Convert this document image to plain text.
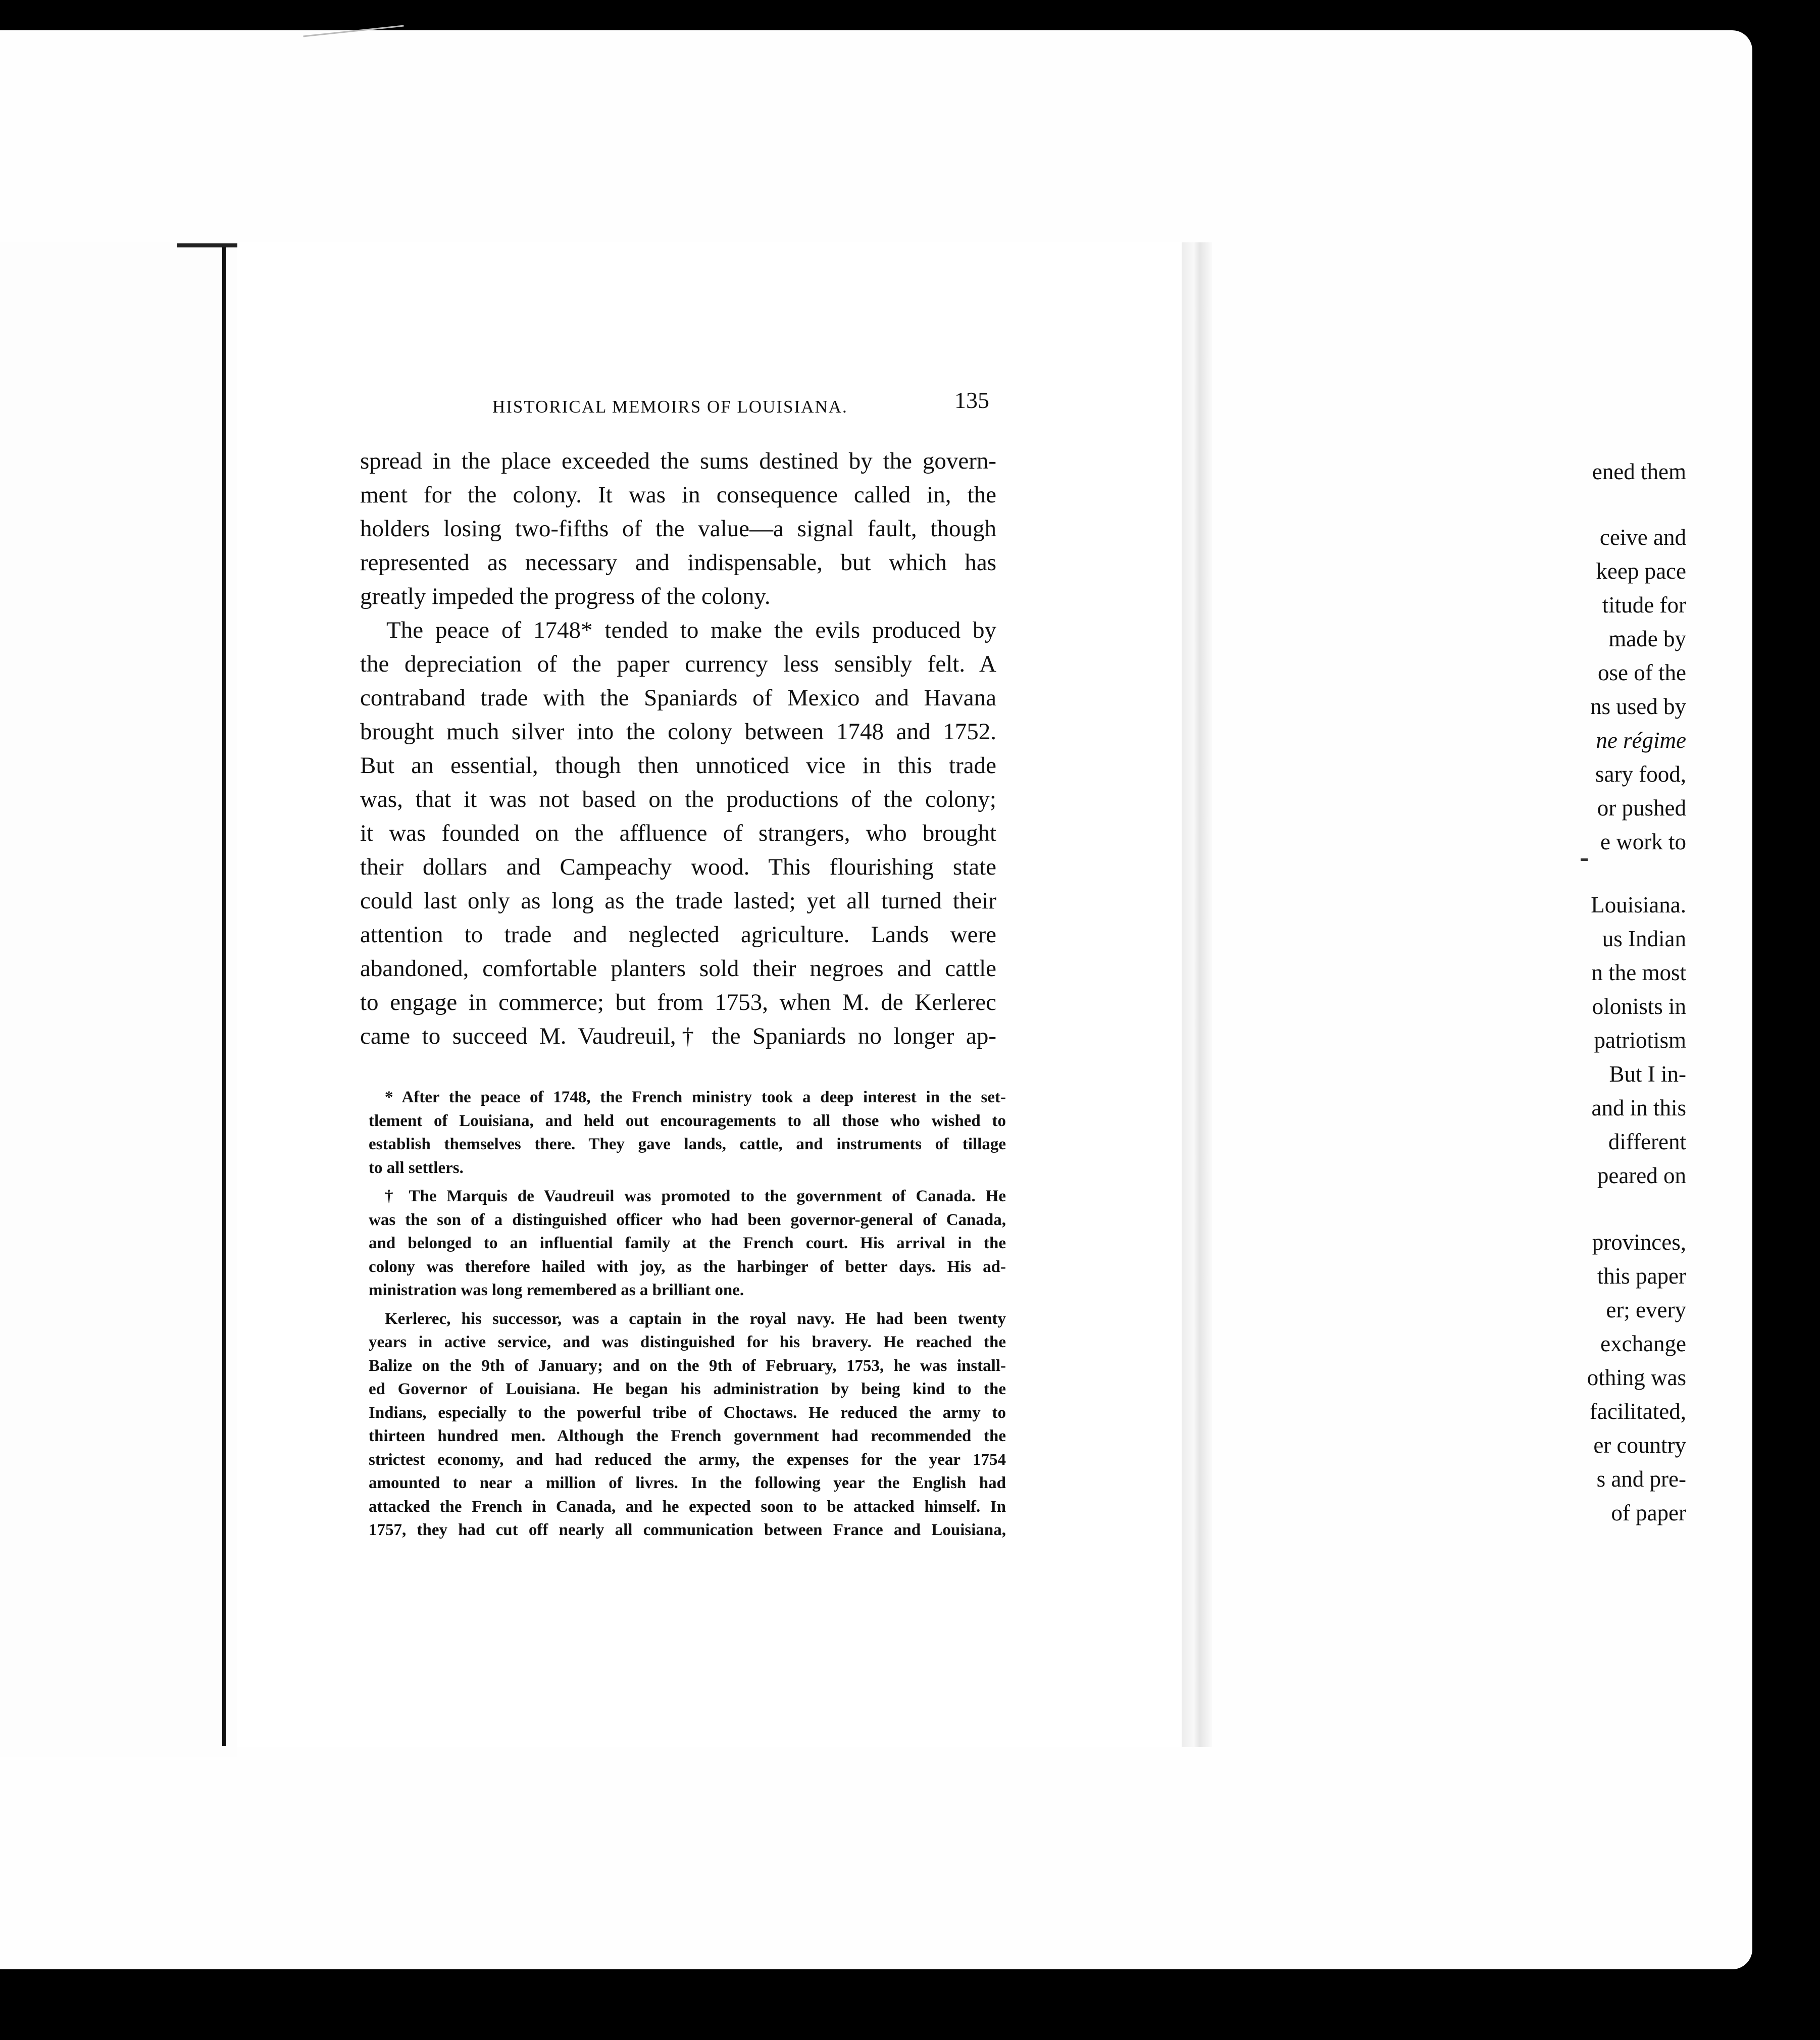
ened them
ceive and
keep pace
titude for
made by
ose of the
ns used by
ne régime
sary food,
or pushed
e work to
Louisiana.
us Indian
n the most
olonists in
patriotism
But I in-
and in this
different
peared on
provinces,
this paper
er; every
exchange
othing was
facilitated,
er country
s and pre-
of paper
HISTORICAL MEMOIRS OF LOUISIANA.	135
spread in the place exceeded the sums destined by the govern-
ment for the colony. It was in consequence called in, the
holders losing two-fifths of the value—a signal fault, though
represented as necessary and indispensable, but which has
greatly impeded the progress of the colony.
The peace of 1748* tended to make the evils produced by
the depreciation of the paper currency less sensibly felt. A
contraband trade with the Spaniards of Mexico and Havana
brought much silver into the colony between 1748 and 1752.
But an essential, though then unnoticed vice in this trade
was, that it was not based on the productions of the colony;
it was founded on the affluence of strangers, who brought
their dollars and Campeachy wood. This flourishing state
could last only as long as the trade lasted; yet all turned their
attention to trade and neglected agriculture. Lands were
abandoned, comfortable planters sold their negroes and cattle
to engage in commerce; but from 1753, when M. de Kerlerec
came to succeed M. Vaudreuil,† the Spaniards no longer ap-
* After the peace of 1748, the French ministry took a deep interest in the set-
tlement of Louisiana, and held out encouragements to all those who wished to
establish themselves there. They gave lands, cattle, and instruments of tillage
to all settlers.
† The Marquis de Vaudreuil was promoted to the government of Canada. He
was the son of a distinguished officer who had been governor-general of Canada,
and belonged to an influential family at the French court. His arrival in the
colony was therefore hailed with joy, as the harbinger of better days. His ad-
ministration was long remembered as a brilliant one.
Kerlerec, his successor, was a captain in the royal navy. He had been twenty
years in active service, and was distinguished for his bravery. He reached the
Balize on the 9th of January; and on the 9th of February, 1753, he was install-
ed Governor of Louisiana. He began his administration by being kind to the
Indians, especially to the powerful tribe of Choctaws. He reduced the army to
thirteen hundred men. Although the French government had recommended the
strictest economy, and had reduced the army, the expenses for the year 1754
amounted to near a million of livres. In the following year the English had
attacked the French in Canada, and he expected soon to be attacked himself. In
1757, they had cut off nearly all communication between France and Louisiana,
